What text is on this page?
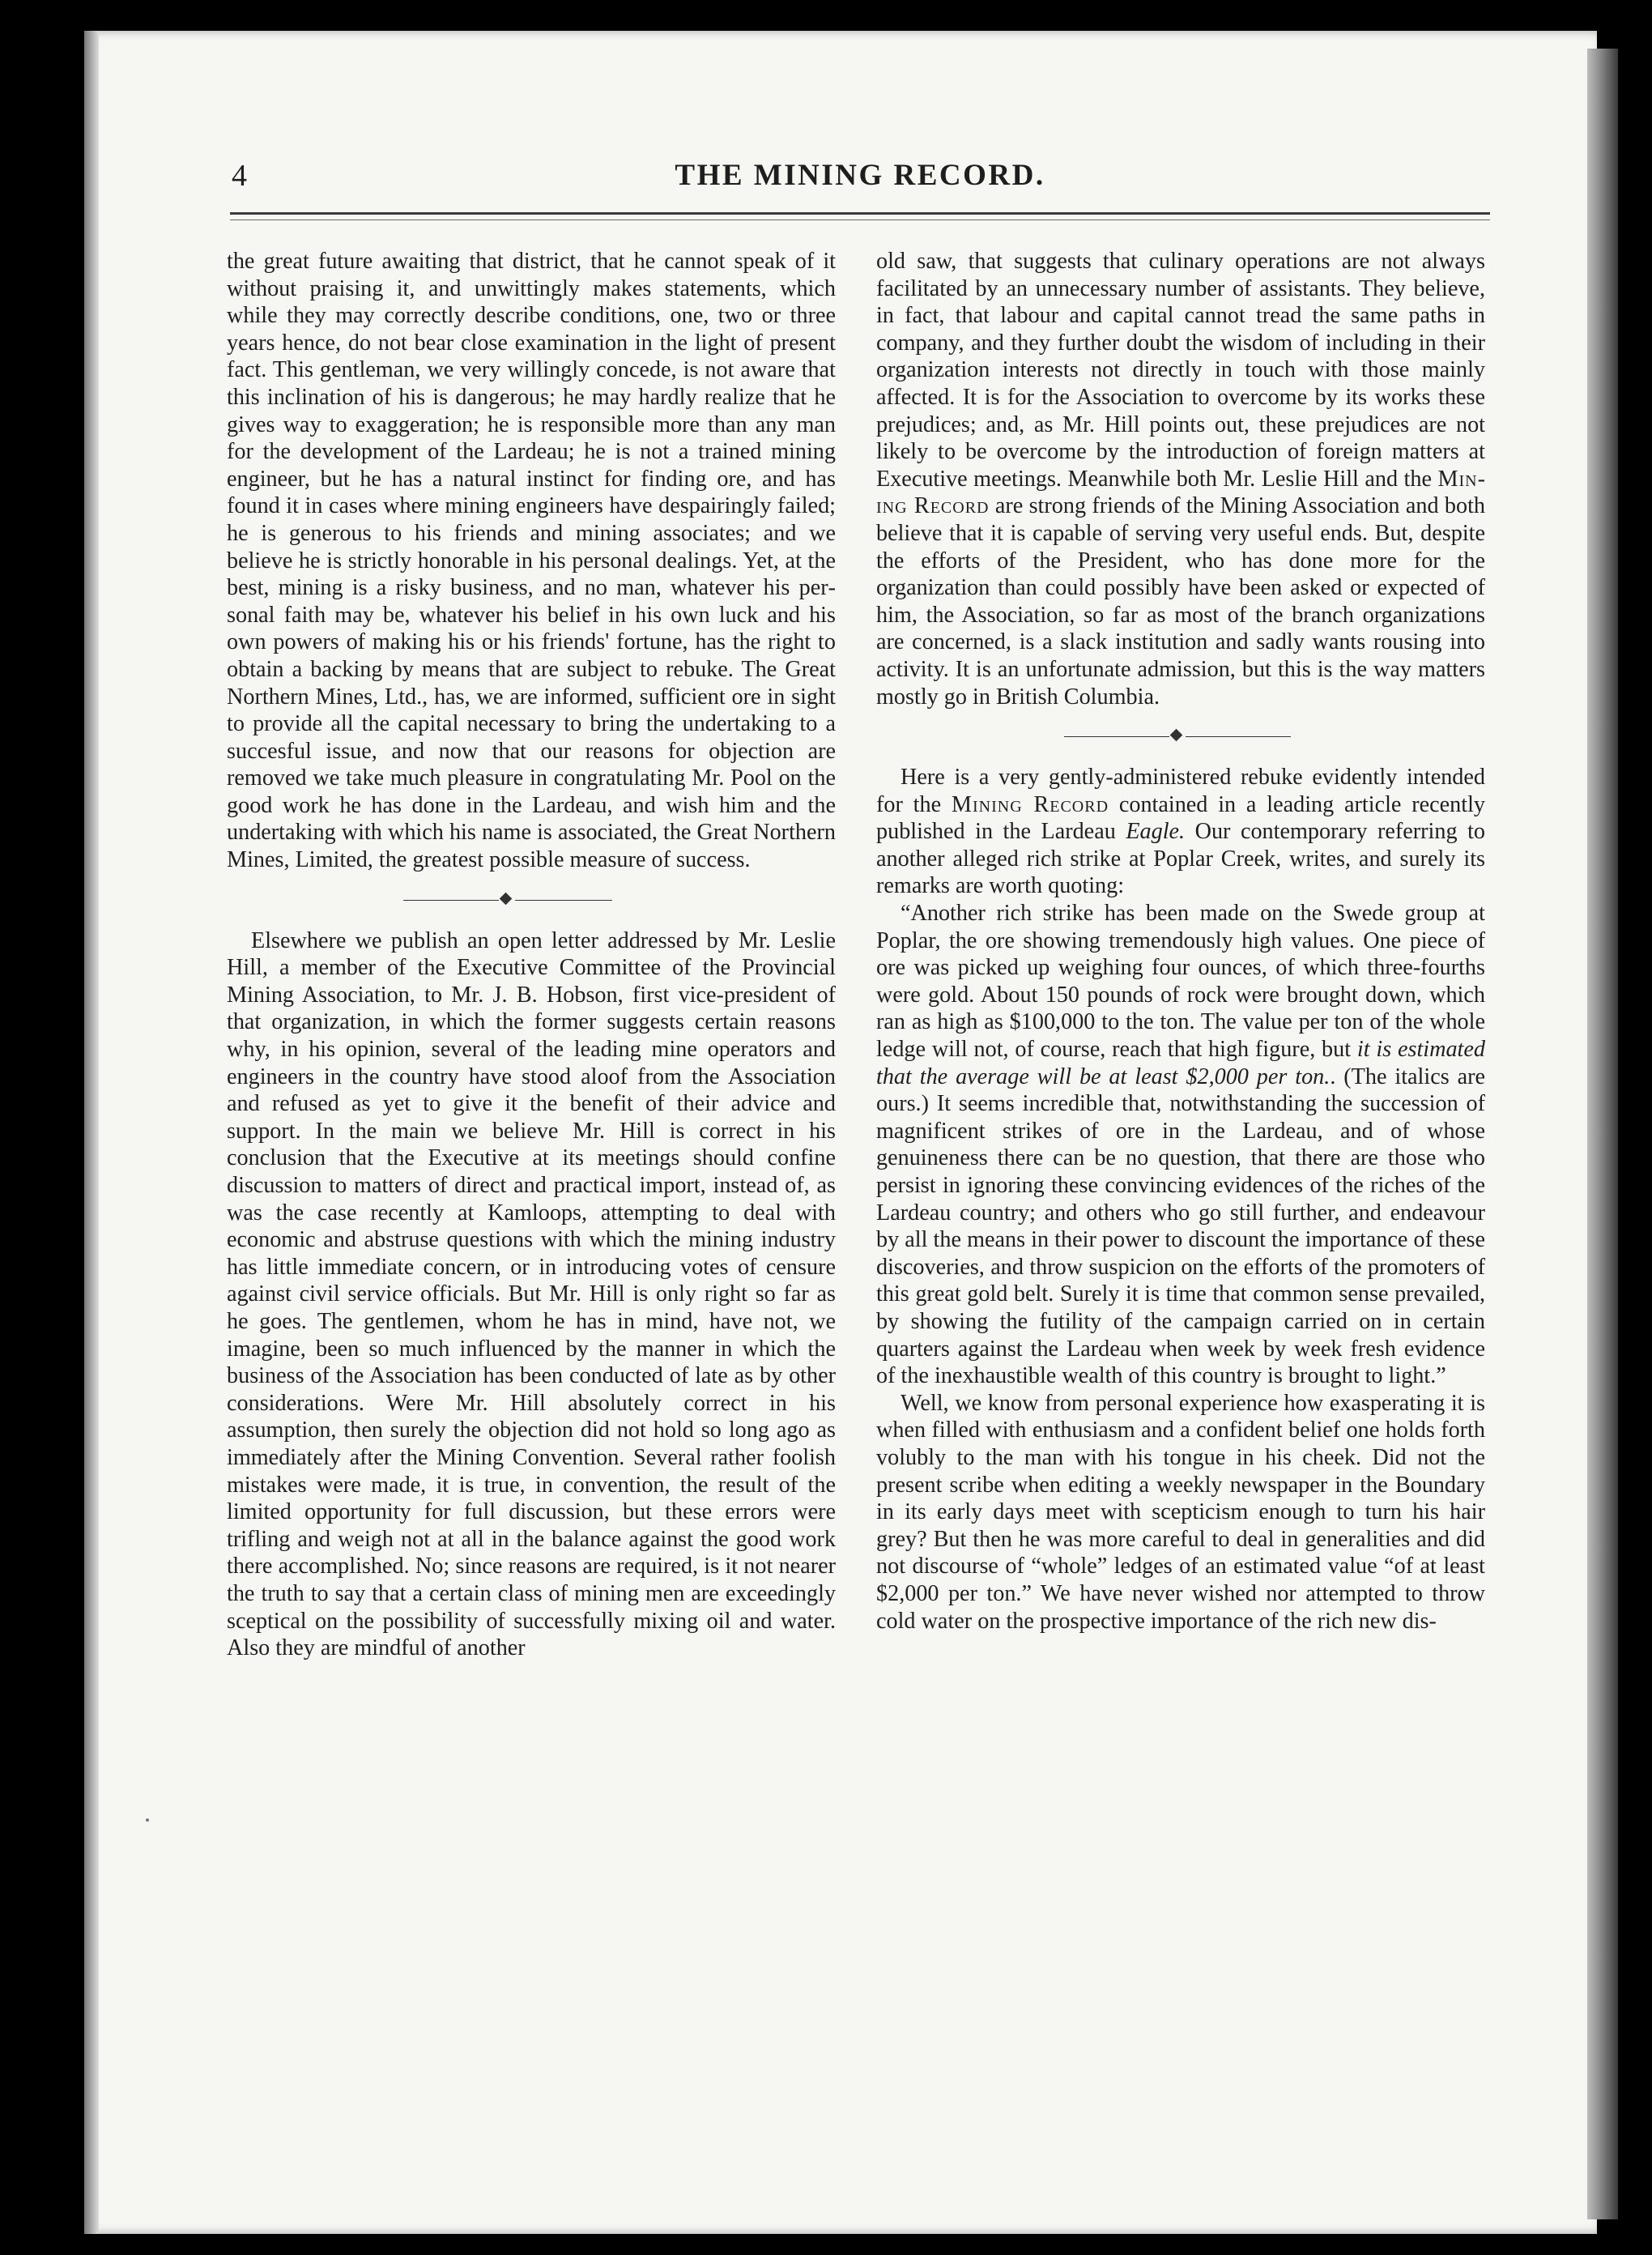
4	THE MINING RECORD.

the great future awaiting that district, that he cannot speak of it without praising it, and unwittingly makes statements, which while they may correctly describe conditions, one, two or three years hence, do not bear close examination in the light of present fact. This gentleman, we very willingly concede, is not aware that this inclination of his is dangerous; he may hardly realize that he gives way to exaggeration; he is responsible more than any man for the development of the Lardeau; he is not a trained mining engineer, but he has a natural instinct for finding ore, and has found it in cases where mining engineers have despairingly failed; he is generous to his friends and mining associates; and we believe he is strictly honorable in his personal dealings. Yet, at the best, mining is a risky business, and no man, whatever his personal faith may be, whatever his belief in his own luck and his own powers of making his or his friends' fortune, has the right to obtain a backing by means that are subject to rebuke. The Great Northern Mines, Ltd., has, we are informed, sufficient ore in sight to provide all the capital necessary to bring the undertaking to a succesful issue, and now that our reasons for objection are removed we take much pleasure in congratulating Mr. Pool on the good work he has done in the Lardeau, and wish him and the undertaking with which his name is associated, the Great Northern Mines, Limited, the greatest possible measure of success.

Elsewhere we publish an open letter addressed by Mr. Leslie Hill, a member of the Executive Committee of the Provincial Mining Association, to Mr. J. B. Hobson, first vice-president of that organization, in which the former suggests certain reasons why, in his opinion, several of the leading mine operators and engineers in the country have stood aloof from the Association and refused as yet to give it the benefit of their advice and support. In the main we believe Mr. Hill is correct in his conclusion that the Executive at its meetings should confine discussion to matters of direct and practical import, instead of, as was the case recently at Kamloops, attempting to deal with economic and abstruse questions with which the mining industry has little immediate concern, or in introducing votes of censure against civil service officials. But Mr. Hill is only right so far as he goes. The gentlemen, whom he has in mind, have not, we imagine, been so much influenced by the manner in which the business of the Association has been conducted of late as by other considerations. Were Mr. Hill absolutely correct in his assumption, then surely the objection did not hold so long ago as immediately after the Mining Convention. Several rather foolish mistakes were made, it is true, in convention, the result of the limited opportunity for full discussion, but these errors were trifling and weigh not at all in the balance against the good work there accomplished. No; since reasons are required, is it not nearer the truth to say that a certain class of mining men are exceedingly sceptical on the possibility of successfully mixing oil and water. Also they are mindful of another

old saw, that suggests that culinary operations are not always facilitated by an unnecessary number of assistants. They believe, in fact, that labour and capital cannot tread the same paths in company, and they further doubt the wisdom of including in their organization interests not directly in touch with those mainly affected. It is for the Association to overcome by its works these prejudices; and, as Mr. Hill points out, these prejudices are not likely to be overcome by the introduction of foreign matters at Executive meetings. Meanwhile both Mr. Leslie Hill and the Mining Record are strong friends of the Mining Association and both believe that it is capable of serving very useful ends. But, despite the efforts of the President, who has done more for the organization than could possibly have been asked or expected of him, the Association, so far as most of the branch organizations are concerned, is a slack institution and sadly wants rousing into activity. It is an unfortunate admission, but this is the way matters mostly go in British Columbia.

Here is a very gently-administered rebuke evidently intended for the Mining Record contained in a leading article recently published in the Lardeau Eagle. Our contemporary referring to another alleged rich strike at Poplar Creek, writes, and surely its remarks are worth quoting:

“Another rich strike has been made on the Swede group at Poplar, the ore showing tremendously high values. One piece of ore was picked up weighing four ounces, of which three-fourths were gold. About 150 pounds of rock were brought down, which ran as high as $100,000 to the ton. The value per ton of the whole ledge will not, of course, reach that high figure, but it is estimated that the average will be at least $2,000 per ton.. (The italics are ours.) It seems incredible that, notwithstanding the succession of magnificent strikes of ore in the Lardeau, and of whose genuineness there can be no question, that there are those who persist in ignoring these convincing evidences of the riches of the Lardeau country; and others who go still further, and endeavour by all the means in their power to discount the importance of these discoveries, and throw suspicion on the efforts of the promoters of this great gold belt. Surely it is time that common sense prevailed, by showing the futility of the campaign carried on in certain quarters against the Lardeau when week by week fresh evidence of the inexhaustible wealth of this country is brought to light.”

Well, we know from personal experience how exasperating it is when filled with enthusiasm and a confident belief one holds forth volubly to the man with his tongue in his cheek. Did not the present scribe when editing a weekly newspaper in the Boundary in its early days meet with scepticism enough to turn his hair grey? But then he was more careful to deal in generalities and did not discourse of “whole” ledges of an estimated value “of at least $2,000 per ton.” We have never wished nor attempted to throw cold water on the prospective importance of the rich new dis-
